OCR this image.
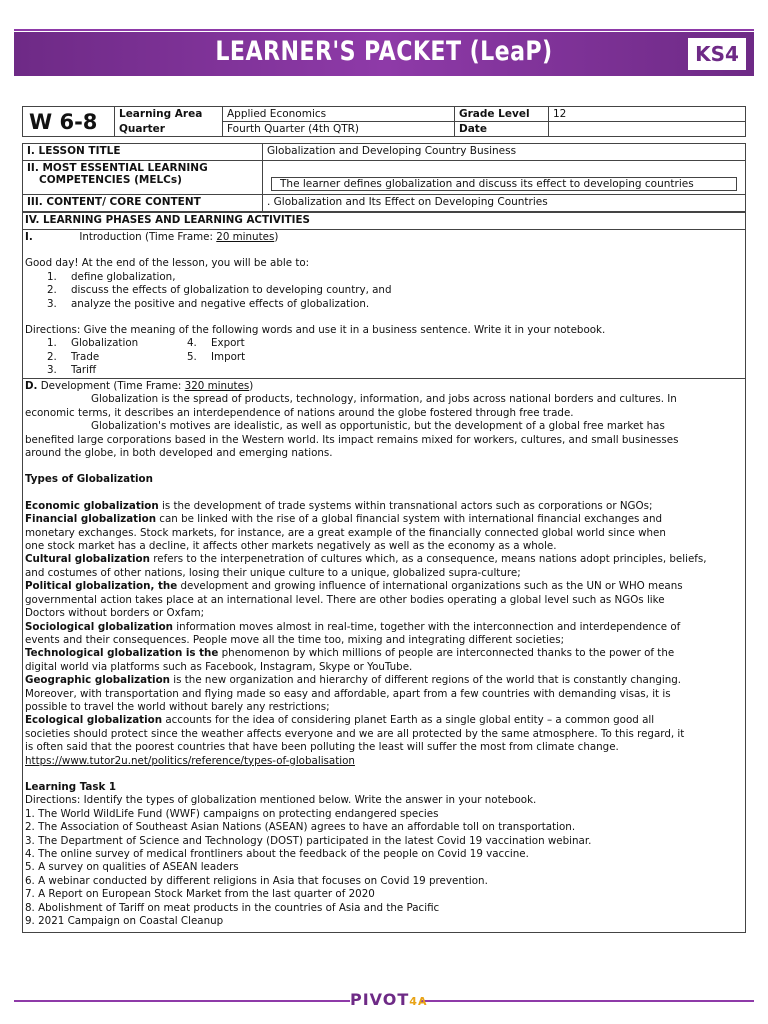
LEARNER'S PACKET (LeaP)	KS4
W 6-8	Learning Area	Applied Economics	Grade Level	12
	Quarter	Fourth Quarter (4th QTR)	Date	
I. LESSON TITLE	Globalization and Developing Country Business

II. MOST ESSENTIAL LEARNING
COMPETENCIES (MELCs)	The learner defines globalization and discuss its effect to developing countries

III. CONTENT/ CORE CONTENT	. Globalization and Its Effect on Developing Countries
IV. LEARNING PHASES AND LEARNING ACTIVITIES

I.	Introduction (Time Frame: 20 minutes)

Good day! At the end of the lesson, you will be able to:

1.	define globalization,
2.	discuss the effects of globalization to developing country, and
3.	analyze the positive and negative effects of globalization.

Directions: Give the meaning of the following words and use it in a business sentence. Write it in your notebook.

1.	Globalization	4.	Export
2.	Trade	5.	Import
3.	Tariff

D. Development (Time Frame: 320 minutes)

Globalization is the spread of products, technology, information, and jobs across national borders and cultures. In

economic terms, it describes an interdependence of nations around the globe fostered through free trade.

Globalization's motives are idealistic, as well as opportunistic, but the development of a global free market has

benefited large corporations based in the Western world. Its impact remains mixed for workers, cultures, and small businesses

around the globe, in both developed and emerging nations.

Types of Globalization

Economic globalization is the development of trade systems within transnational actors such as corporations or NGOs;

Financial globalization can be linked with the rise of a global financial system with international financial exchanges and

monetary exchanges. Stock markets, for instance, are a great example of the financially connected global world since when

one stock market has a decline, it affects other markets negatively as well as the economy as a whole.

Cultural globalization refers to the interpenetration of cultures which, as a consequence, means nations adopt principles, beliefs,

and costumes of other nations, losing their unique culture to a unique, globalized supra-culture;

Political globalization, the development and growing influence of international organizations such as the UN or WHO means

governmental action takes place at an international level. There are other bodies operating a global level such as NGOs like

Doctors without borders or Oxfam;

Sociological globalization information moves almost in real-time, together with the interconnection and interdependence of

events and their consequences. People move all the time too, mixing and integrating different societies;

Technological globalization is the phenomenon by which millions of people are interconnected thanks to the power of the

digital world via platforms such as Facebook, Instagram, Skype or YouTube.

Geographic globalization is the new organization and hierarchy of different regions of the world that is constantly changing.

Moreover, with transportation and flying made so easy and affordable, apart from a few countries with demanding visas, it is

possible to travel the world without barely any restrictions;

Ecological globalization accounts for the idea of considering planet Earth as a single global entity – a common good all

societies should protect since the weather affects everyone and we are all protected by the same atmosphere. To this regard, it

is often said that the poorest countries that have been polluting the least will suffer the most from climate change.

https://www.tutor2u.net/politics/reference/types-of-globalisation

Learning Task 1

Directions: Identify the types of globalization mentioned below. Write the answer in your notebook.

1. The World WildLife Fund (WWF) campaigns on protecting endangered species

2. The Association of Southeast Asian Nations (ASEAN) agrees to have an affordable toll on transportation.

3. The Department of Science and Technology (DOST) participated in the latest Covid 19 vaccination webinar.

4. The online survey of medical frontliners about the feedback of the people on Covid 19 vaccine.

5. A survey on qualities of ASEAN leaders

6. A webinar conducted by different religions in Asia that focuses on Covid 19 prevention.

7. A Report on European Stock Market from the last quarter of 2020

8. Abolishment of Tariff on meat products in the countries of Asia and the Pacific

9. 2021 Campaign on Coastal Cleanup

PIVOT4A
